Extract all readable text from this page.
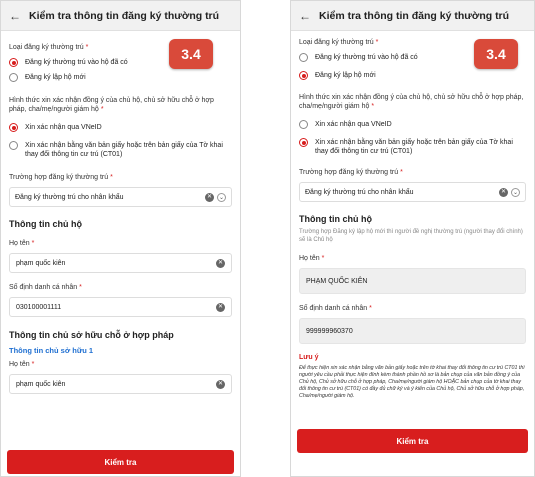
← Kiểm tra thông tin đăng ký thường trú
Loại đăng ký thường trú *
Đăng ký thường trú vào hộ đã có
Đăng ký lập hộ mới
Hình thức xin xác nhận đồng ý của chủ hộ, chủ sở hữu chỗ ở hợp pháp, cha/mẹ/người giám hộ *
Xin xác nhận qua VNeID
Xin xác nhận bằng văn bản giấy hoặc trên bản giấy của Tờ khai thay đổi thông tin cư trú (CT01)
Trường hợp đăng ký thường trú *
Đăng ký thường trú cho nhân khẩu	✕	⌄
Thông tin chủ hộ
Họ tên *
phạm quốc kiên	✕
Số định danh cá nhân *
030100001111	✕
Thông tin chủ sở hữu chỗ ở hợp pháp
Thông tin chủ sở hữu 1
Họ tên *
phạm quốc kiên	✕
Kiểm tra
3.4
← Kiểm tra thông tin đăng ký thường trú
Loại đăng ký thường trú *
Đăng ký thường trú vào hộ đã có
Đăng ký lập hộ mới
Hình thức xin xác nhận đồng ý của chủ hộ, chủ sở hữu chỗ ở hợp pháp, cha/mẹ/người giám hộ *
Xin xác nhận qua VNeID
Xin xác nhận bằng văn bản giấy hoặc trên bản giấy của Tờ khai thay đổi thông tin cư trú (CT01)
Trường hợp đăng ký thường trú *
Đăng ký thường trú cho nhân khẩu	✕	⌄
Thông tin chủ hộ
Trường hợp Đăng ký lập hộ mới thì người đề nghị thường trú (người thay đổi chính) sẽ là Chủ hộ
Họ tên *
PHẠM QUỐC KIÊN
Số định danh cá nhân *
999999960370
Lưu ý
Để thực hiện xin xác nhận bằng văn bản giấy hoặc trên tờ khai thay đổi thông tin cư trú CT01 thì người yêu cầu phải thực hiện đính kèm thành phần hồ sơ là bản chụp của văn bản đồng ý của Chủ hộ, Chủ sở hữu chỗ ở hợp pháp, Cha/mẹ/người giám hộ HOẶC bản chụp của tờ khai thay đổi thông tin cư trú (CT01) có đầy đủ chữ ký và ý kiến của Chủ hộ, Chủ sở hữu chỗ ở hợp pháp, Cha/mẹ/người giám hộ.
Kiểm tra
3.4
